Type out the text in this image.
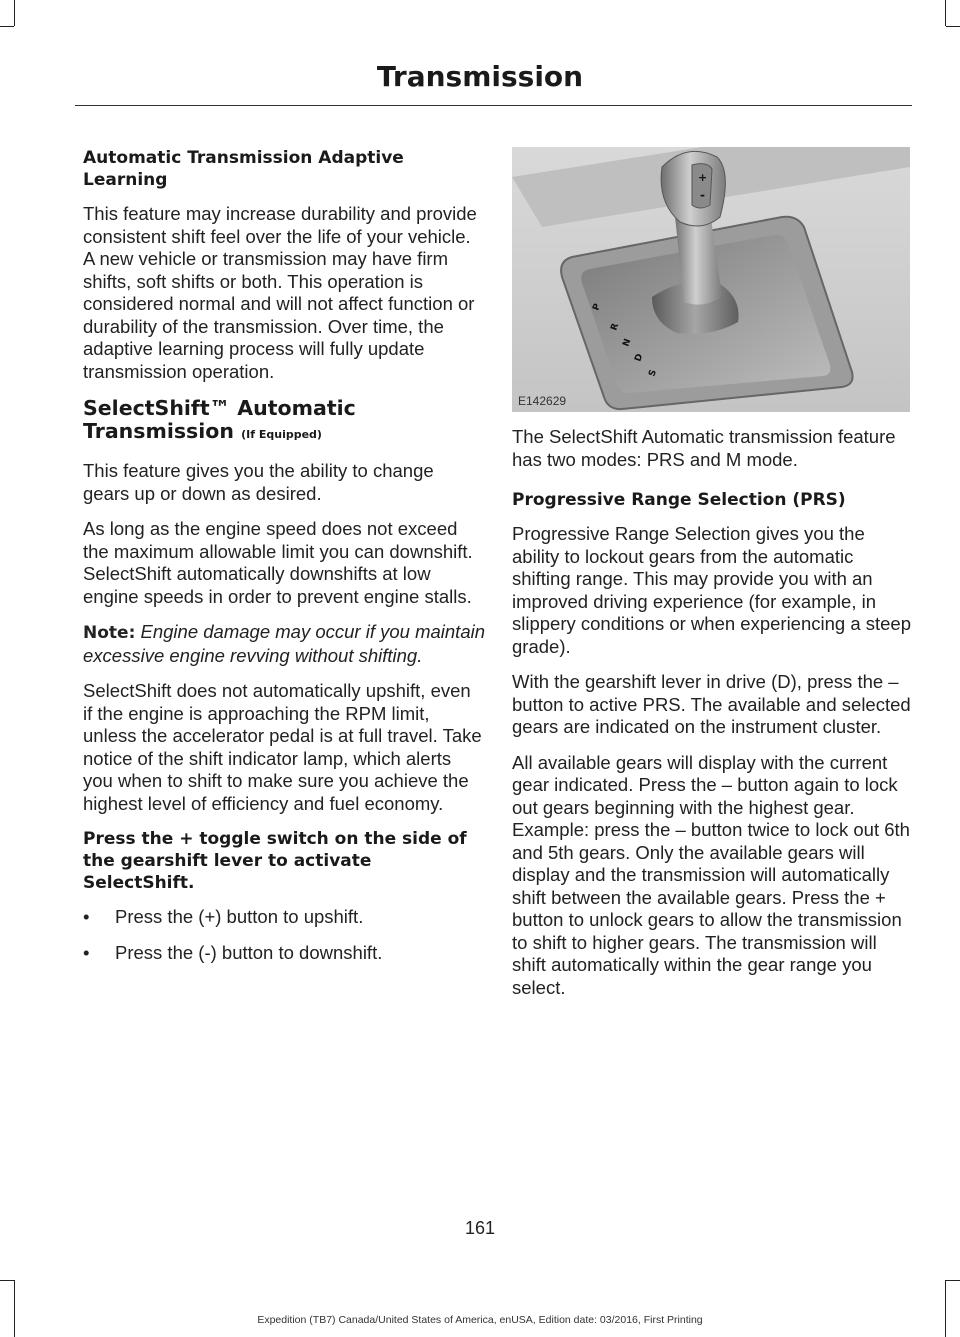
Transmission
Automatic Transmission Adaptive Learning

This feature may increase durability and provide consistent shift feel over the life of your vehicle. A new vehicle or transmission may have firm shifts, soft shifts or both. This operation is considered normal and will not affect function or durability of the transmission. Over time, the adaptive learning process will fully update transmission operation.

SelectShift™ Automatic Transmission (If Equipped)

This feature gives you the ability to change gears up or down as desired.

As long as the engine speed does not exceed the maximum allowable limit you can downshift. SelectShift automatically downshifts at low engine speeds in order to prevent engine stalls.

Note: Engine damage may occur if you maintain excessive engine revving without shifting.

SelectShift does not automatically upshift, even if the engine is approaching the RPM limit, unless the accelerator pedal is at full travel. Take notice of the shift indicator lamp, which alerts you when to shift to make sure you achieve the highest level of efficiency and fuel economy.

Press the + toggle switch on the side of the gearshift lever to activate SelectShift.
• Press the (+) button to upshift.
• Press the (-) button to downshift.
+
-
P
R
N
D
S
E142629

The SelectShift Automatic transmission feature has two modes: PRS and M mode.

Progressive Range Selection (PRS)

Progressive Range Selection gives you the ability to lockout gears from the automatic shifting range. This may provide you with an improved driving experience (for example, in slippery conditions or when experiencing a steep grade).

With the gearshift lever in drive (D), press the – button to active PRS. The available and selected gears are indicated on the instrument cluster.

All available gears will display with the current gear indicated. Press the – button again to lock out gears beginning with the highest gear. Example: press the – button twice to lock out 6th and 5th gears. Only the available gears will display and the transmission will automatically shift between the available gears. Press the + button to unlock gears to allow the transmission to shift to higher gears. The transmission will shift automatically within the gear range you select.

161
Expedition (TB7) Canada/United States of America, enUSA, Edition date: 03/2016, First Printing
